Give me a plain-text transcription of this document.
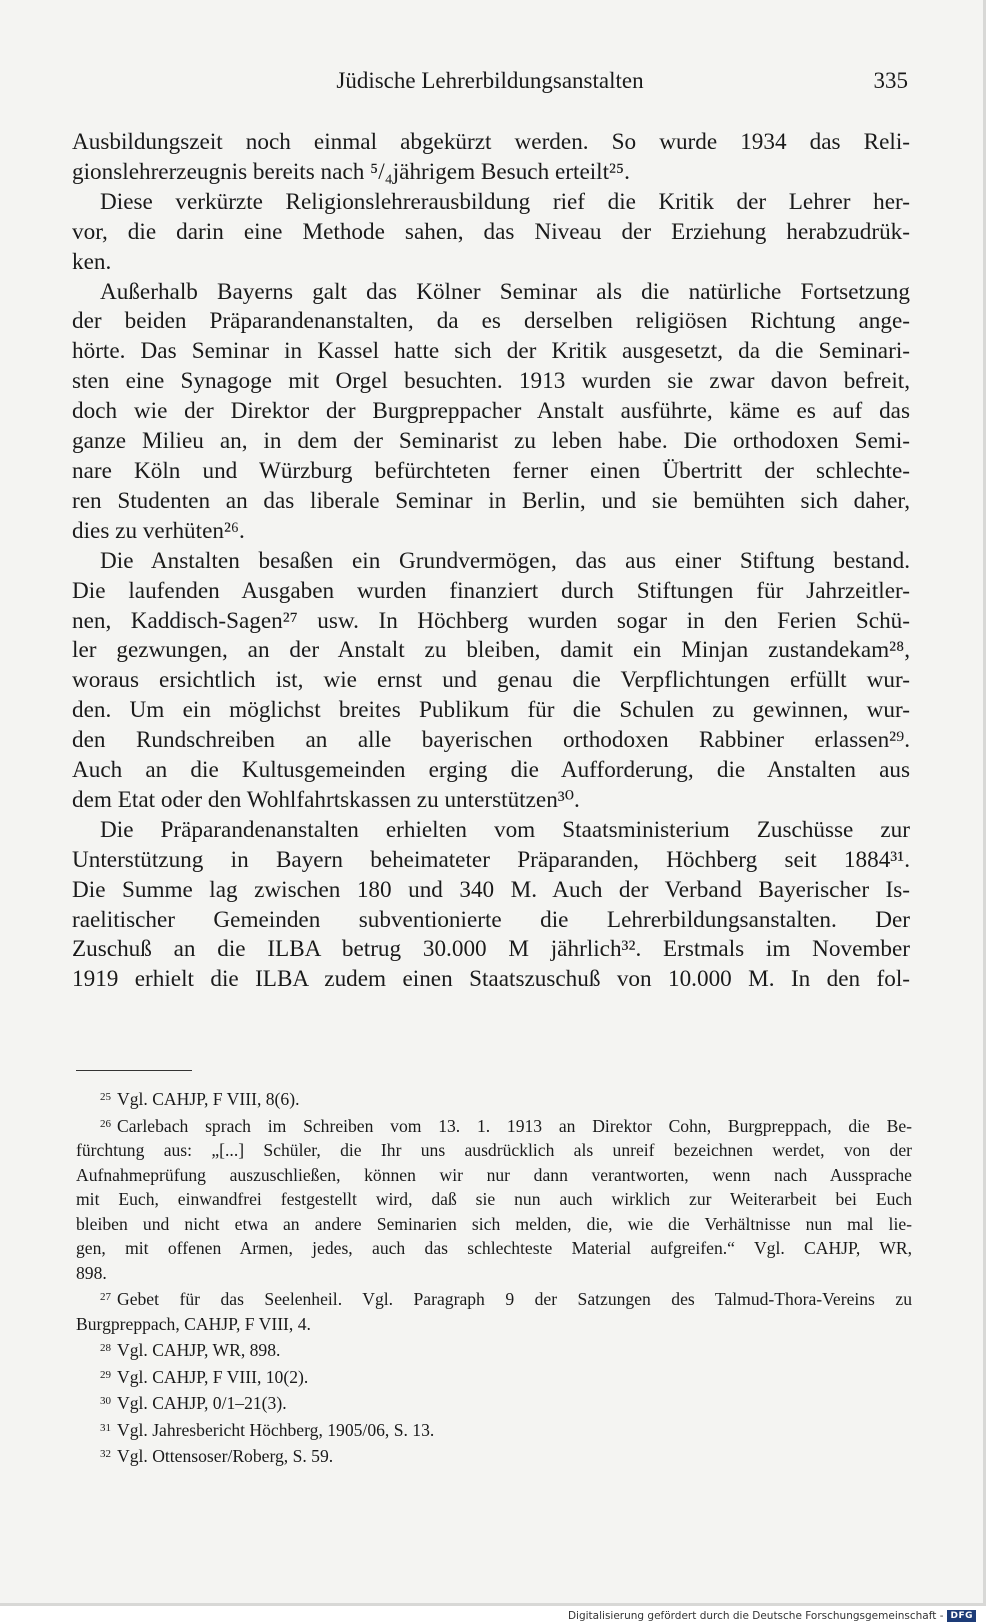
Jüdische Lehrerbildungsanstalten	335
Ausbildungszeit noch einmal abgekürzt werden. So wurde 1934 das Reli-
gionslehrerzeugnis bereits nach ⁵/₄jährigem Besuch erteilt²⁵.
Diese verkürzte Religionslehrerausbildung rief die Kritik der Lehrer her-
vor, die darin eine Methode sahen, das Niveau der Erziehung herabzudrük-
ken.
Außerhalb Bayerns galt das Kölner Seminar als die natürliche Fortsetzung
der beiden Präparandenanstalten, da es derselben religiösen Richtung ange-
hörte. Das Seminar in Kassel hatte sich der Kritik ausgesetzt, da die Seminari-
sten eine Synagoge mit Orgel besuchten. 1913 wurden sie zwar davon befreit,
doch wie der Direktor der Burgpreppacher Anstalt ausführte, käme es auf das
ganze Milieu an, in dem der Seminarist zu leben habe. Die orthodoxen Semi-
nare Köln und Würzburg befürchteten ferner einen Übertritt der schlechte-
ren Studenten an das liberale Seminar in Berlin, und sie bemühten sich daher,
dies zu verhüten²⁶.
Die Anstalten besaßen ein Grundvermögen, das aus einer Stiftung bestand.
Die laufenden Ausgaben wurden finanziert durch Stiftungen für Jahrzeitler-
nen, Kaddisch-Sagen²⁷ usw. In Höchberg wurden sogar in den Ferien Schü-
ler gezwungen, an der Anstalt zu bleiben, damit ein Minjan zustandekam²⁸,
woraus ersichtlich ist, wie ernst und genau die Verpflichtungen erfüllt wur-
den. Um ein möglichst breites Publikum für die Schulen zu gewinnen, wur-
den Rundschreiben an alle bayerischen orthodoxen Rabbiner erlassen²⁹.
Auch an die Kultusgemeinden erging die Aufforderung, die Anstalten aus
dem Etat oder den Wohlfahrtskassen zu unterstützen³⁰.
Die Präparandenanstalten erhielten vom Staatsministerium Zuschüsse zur
Unterstützung in Bayern beheimateter Präparanden, Höchberg seit 1884³¹.
Die Summe lag zwischen 180 und 340 M. Auch der Verband Bayerischer Is-
raelitischer Gemeinden subventionierte die Lehrerbildungsanstalten. Der
Zuschuß an die ILBA betrug 30.000 M jährlich³². Erstmals im November
1919 erhielt die ILBA zudem einen Staatszuschuß von 10.000 M. In den fol-
$^{25}$ Vgl. CAHJP, F VIII, 8(6).
$^{26}$ Carlebach sprach im Schreiben vom 13. 1. 1913 an Direktor Cohn, Burgpreppach, die Be-
fürchtung aus: „[...] Schüler, die Ihr uns ausdrücklich als unreif bezeichnen werdet, von der
Aufnahmeprüfung auszuschließen, können wir nur dann verantworten, wenn nach Aussprache
mit Euch, einwandfrei festgestellt wird, daß sie nun auch wirklich zur Weiterarbeit bei Euch
bleiben und nicht etwa an andere Seminarien sich melden, die, wie die Verhältnisse nun mal lie-
gen, mit offenen Armen, jedes, auch das schlechteste Material aufgreifen.“ Vgl. CAHJP, WR,
898.
$^{27}$ Gebet für das Seelenheil. Vgl. Paragraph 9 der Satzungen des Talmud-Thora-Vereins zu
Burgpreppach, CAHJP, F VIII, 4.
$^{28}$ Vgl. CAHJP, WR, 898.
$^{29}$ Vgl. CAHJP, F VIII, 10(2).
$^{30}$ Vgl. CAHJP, 0/1–21(3).
$^{31}$ Vgl. Jahresbericht Höchberg, 1905/06, S. 13.
$^{32}$ Vgl. Ottensoser/Roberg, S. 59.
Digitalisierung gefördert durch die Deutsche Forschungsgemeinschaft - DFG
